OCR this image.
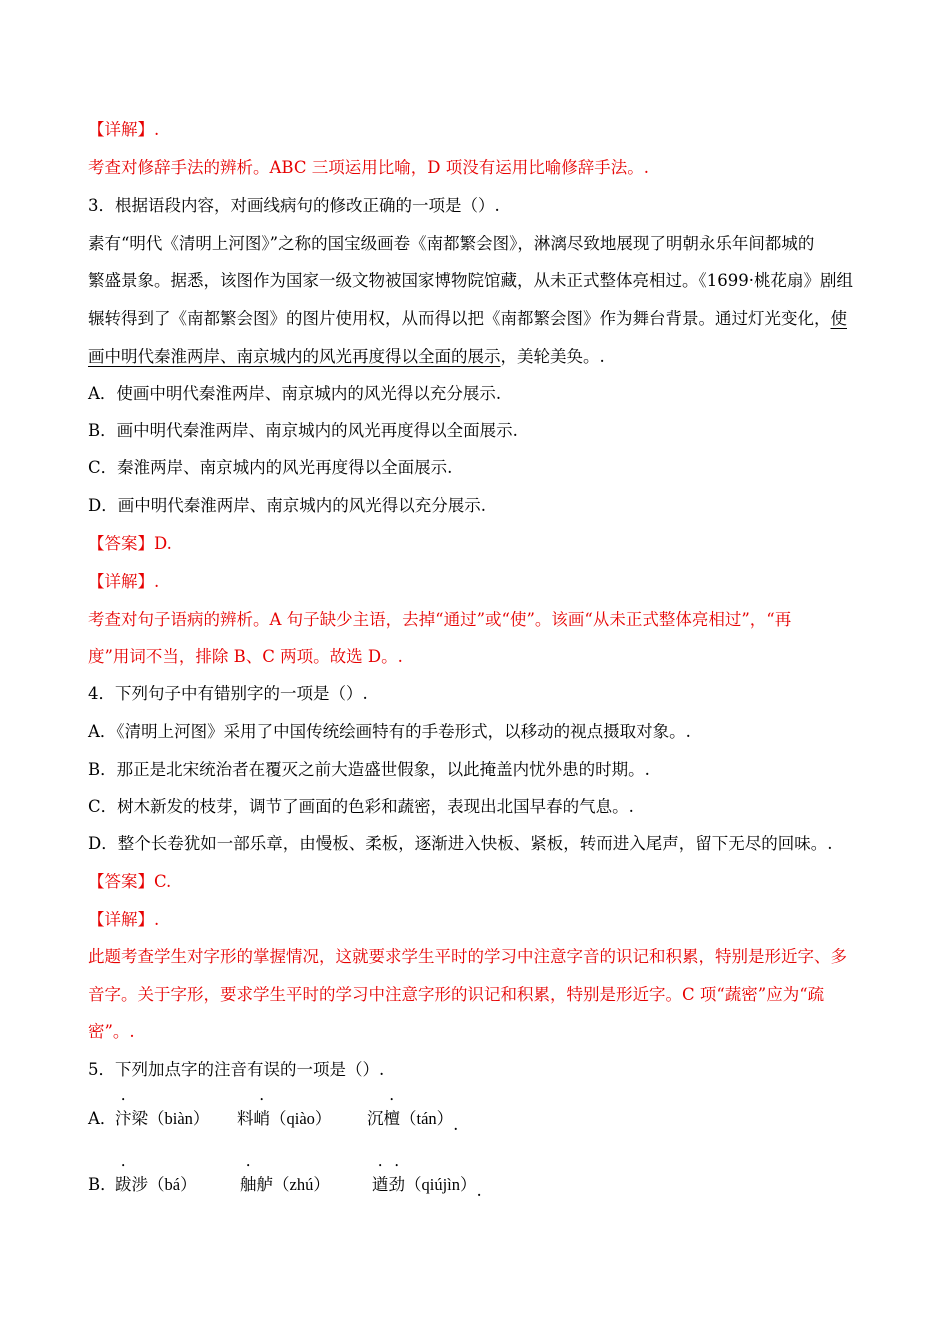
【详解】.
考查对修辞手法的辨析。ABC 三项运用比喻，D 项没有运用比喻修辞手法。.
3．根据语段内容，对画线病句的修改正确的一项是（）.
素有“明代《清明上河图》”之称的国宝级画卷《南都繁会图》，淋漓尽致地展现了明朝永乐年间都城的
繁盛景象。据悉，该图作为国家一级文物被国家博物院馆藏，从未正式整体亮相过。《1699·桃花扇》剧组
辗转得到了《南都繁会图》的图片使用权，从而得以把《南都繁会图》作为舞台背景。通过灯光变化，使
画中明代秦淮两岸、南京城内的风光再度得以全面的展示，美轮美奂。.
A．使画中明代秦淮两岸、南京城内的风光得以充分展示.
B．画中明代秦淮两岸、南京城内的风光再度得以全面展示.
C．秦淮两岸、南京城内的风光再度得以全面展示.
D．画中明代秦淮两岸、南京城内的风光得以充分展示.
【答案】D.
【详解】.
考查对句子语病的辨析。A 句子缺少主语，去掉“通过”或“使”。该画“从未正式整体亮相过”，“再
度”用词不当，排除 B、C 两项。故选 D。.
4．下列句子中有错别字的一项是（）.
A．《清明上河图》采用了中国传统绘画特有的手卷形式，以移动的视点摄取对象。.
B．那正是北宋统治者在覆灭之前大造盛世假象，以此掩盖内忧外患的时期。.
C．树木新发的枝芽，调节了画面的色彩和蔬密，表现出北国早春的气息。.
D．整个长卷犹如一部乐章，由慢板、柔板，逐渐进入快板、紧板，转而进入尾声，留下无尽的回味。.
【答案】C.
【详解】.
此题考查学生对字形的掌握情况，这就要求学生平时的学习中注意字音的识记和积累，特别是形近字、多
音字。关于字形，要求学生平时的学习中注意字形的识记和积累，特别是形近字。C 项“蔬密”应为“疏
密”。.
5．下列加点字的注音有误的一项是（）.
A．
汴梁（biàn） 料峭（qiào） 沉檀（tán）.
B．
跋涉（bá）	舳舻（zhú）	遒劲（qiújìn）.
